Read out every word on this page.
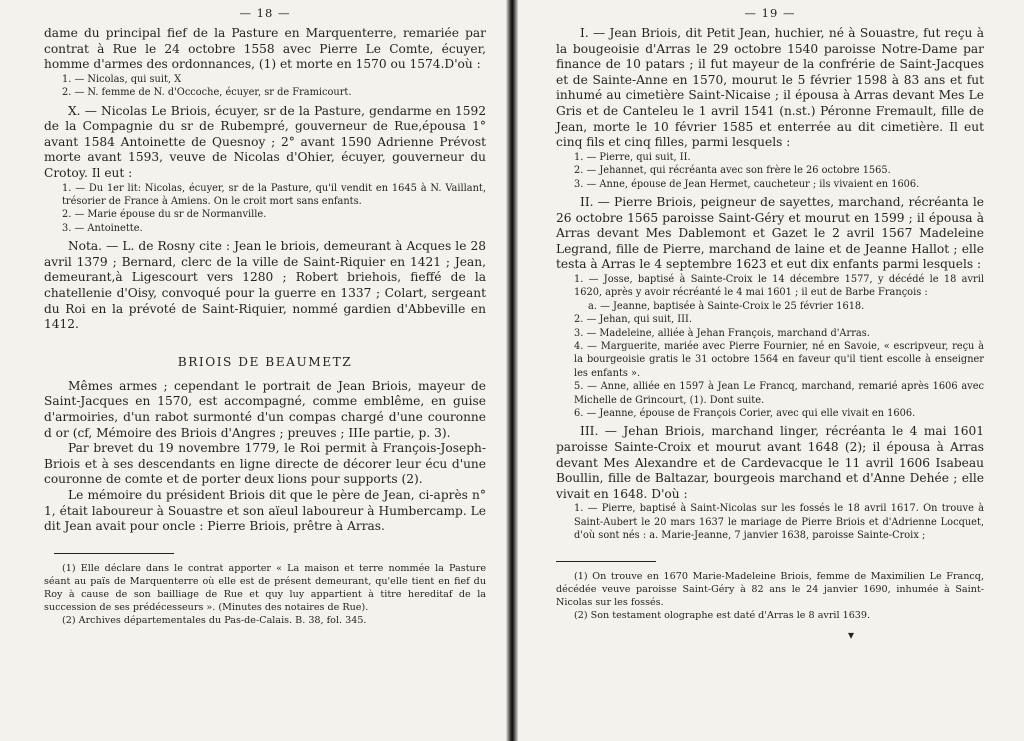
— 18 —

dame du principal fief de la Pasture en Marquenterre, remariée par contrat à Rue le 24 octobre 1558 avec Pierre Le Comte, écuyer, homme d'armes des ordonnances, (1) et morte en 1570 ou 1574.D'où :

1. — Nicolas, qui suit, X

2. — N. femme de N. d'Occoche, écuyer, sr de Framicourt.

X. — Nicolas Le Briois, écuyer, sr de la Pasture, gendarme en 1592 de la Compagnie du sr de Rubempré, gouverneur de Rue,épousa 1° avant 1584 Antoinette de Quesnoy ; 2° avant 1590 Adrienne Prévost morte avant 1593, veuve de Nicolas d'Ohier, écuyer, gouverneur du Crotoy. Il eut :

1. — Du 1er lit: Nicolas, écuyer, sr de la Pasture, qu'il vendit en 1645 à N. Vaillant, trésorier de France à Amiens. On le croit mort sans enfants.

2. — Marie épouse du sr de Normanville.

3. — Antoinette.

Nota. — L. de Rosny cite : Jean le briois, demeurant à Acques le 28 avril 1379 ; Bernard, clerc de la ville de Saint-Riquier en 1421 ; Jean, demeurant,à Ligescourt vers 1280 ; Robert briehois, fieffé de la chatellenie d'Oisy, convoqué pour la guerre en 1337 ; Colart, sergeant du Roi en la prévoté de Saint-Riquier, nommé gardien d'Abbeville en 1412.

BRIOIS DE BEAUMETZ

Mêmes armes ; cependant le portrait de Jean Briois, mayeur de Saint-Jacques en 1570, est accompagné, comme emblême, en guise d'armoiries, d'un rabot surmonté d'un compas chargé d'une couronne d or (cf, Mémoire des Briois d'Angres ; preuves ; IIIe partie, p. 3).

Par brevet du 19 novembre 1779, le Roi permit à François-Joseph-Briois et à ses descendants en ligne directe de décorer leur écu d'une couronne de comte et de porter deux lions pour supports (2).

Le mémoire du président Briois dit que le père de Jean, ci-après n° 1, était laboureur à Souastre et son aïeul laboureur à Humbercamp. Le dit Jean avait pour oncle : Pierre Briois, prêtre à Arras.

(1) Elle déclare dans le contrat apporter « La maison et terre nommée la Pasture séant au païs de Marquenterre où elle est de présent demeurant, qu'elle tient en fief du Roy à cause de son bailliage de Rue et quy luy appartient à titre hereditaf de la succession de ses prédécesseurs ». (Minutes des notaires de Rue).

(2) Archives départementales du Pas-de-Calais. B. 38, fol. 345.

— 19 —

I. — Jean Briois, dit Petit Jean, huchier, né à Souastre, fut reçu à la bougeoisie d'Arras le 29 octobre 1540 paroisse Notre-Dame par finance de 10 patars ; il fut mayeur de la confrérie de Saint-Jacques et de Sainte-Anne en 1570, mourut le 5 février 1598 à 83 ans et fut inhumé au cimetière Saint-Nicaise ; il épousa à Arras devant Mes Le Gris et de Canteleu le 1 avril 1541 (n.st.) Péronne Fremault, fille de Jean, morte le 10 février 1585 et enterrée au dit cimetière. Il eut cinq fils et cinq filles, parmi lesquels :

1. — Pierre, qui suit, II.

2. — Jehannet, qui récréanta avec son frère le 26 octobre 1565.

3. — Anne, épouse de Jean Hermet, caucheteur ; ils vivaient en 1606.

II. — Pierre Briois, peigneur de sayettes, marchand, récréanta le 26 octobre 1565 paroisse Saint-Géry et mourut en 1599 ; il épousa à Arras devant Mes Dablemont et Gazet le 2 avril 1567 Madeleine Legrand, fille de Pierre, marchand de laine et de Jeanne Hallot ; elle testa à Arras le 4 septembre 1623 et eut dix enfants parmi lesquels :

1. — Josse, baptisé à Sainte-Croix le 14 décembre 1577, y décédé le 18 avril 1620, après y avoir récréanté le 4 mai 1601 ; il eut de Barbe François :

a. — Jeanne, baptisée à Sainte-Croix le 25 février 1618.

2. — Jehan, qui suit, III.

3. — Madeleine, alliée à Jehan François, marchand d'Arras.

4. — Marguerite, mariée avec Pierre Fournier, né en Savoie, « escripveur, reçu à la bourgeoisie gratis le 31 octobre 1564 en faveur qu'il tient escolle à enseigner les enfants ».

5. — Anne, alliée en 1597 à Jean Le Francq, marchand, remarié après 1606 avec Michelle de Grincourt, (1). Dont suite.

6. — Jeanne, épouse de François Corier, avec qui elle vivait en 1606.

III. — Jehan Briois, marchand linger, récréanta le 4 mai 1601 paroisse Sainte-Croix et mourut avant 1648 (2); il épousa à Arras devant Mes Alexandre et de Cardevacque le 11 avril 1606 Isabeau Boullin, fille de Baltazar, bourgeois marchand et d'Anne Dehée ; elle vivait en 1648. D'où :

1. — Pierre, baptisé à Saint-Nicolas sur les fossés le 18 avril 1617. On trouve à Saint-Aubert le 20 mars 1637 le mariage de Pierre Briois et d'Adrienne Locquet, d'où sont nés : a. Marie-Jeanne, 7 janvier 1638, paroisse Sainte-Croix ;

(1) On trouve en 1670 Marie-Madeleine Briois, femme de Maximilien Le Francq, décédée veuve paroisse Saint-Géry à 82 ans le 24 janvier 1690, inhumée à Saint-Nicolas sur les fossés.

(2) Son testament olographe est daté d'Arras le 8 avril 1639.

▾
